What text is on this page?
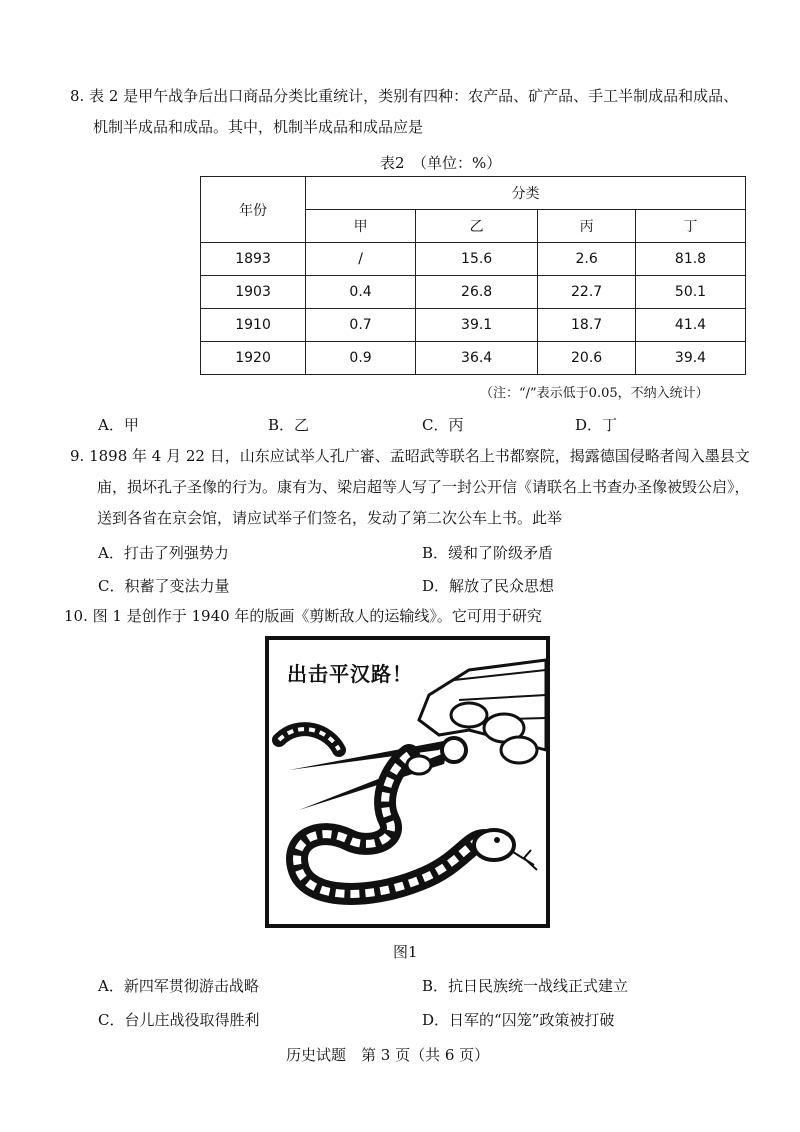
8. 表 2 是甲午战争后出口商品分类比重统计，类别有四种：农产品、矿产品、手工半制成品和成品、
机制半成品和成品。其中，机制半成品和成品应是
表2　（单位：%）
年份	分类			
	甲	乙	丙	丁
1893	/	15.6	2.6	81.8
1903	0.4	26.8	22.7	50.1
1910	0.7	39.1	18.7	41.4
1920	0.9	36.4	20.6	39.4
（注：“/”表示低于0.05，不纳入统计）
A．甲	B．乙	C．丙	D．丁
9. 1898 年 4 月 22 日，山东应试举人孔广審、孟昭武等联名上书都察院，揭露德国侵略者闯入墨县文
庙，损坏孔子圣像的行为。康有为、梁启超等人写了一封公开信《请联名上书查办圣像被毁公启》，
送到各省在京会馆，请应试举子们签名，发动了第二次公车上书。此举
A．打击了列强势力	B．缓和了阶级矛盾
C．积蓄了变法力量	D．解放了民众思想
10. 图 1 是创作于 1940 年的版画《剪断敌人的运输线》。它可用于研究
出击平汉路！
图1
A．新四军贯彻游击战略	B．抗日民族统一战线正式建立
C．台儿庄战役取得胜利	D．日军的“囚笼”政策被打破
历史试题　第 3 页（共 6 页）
